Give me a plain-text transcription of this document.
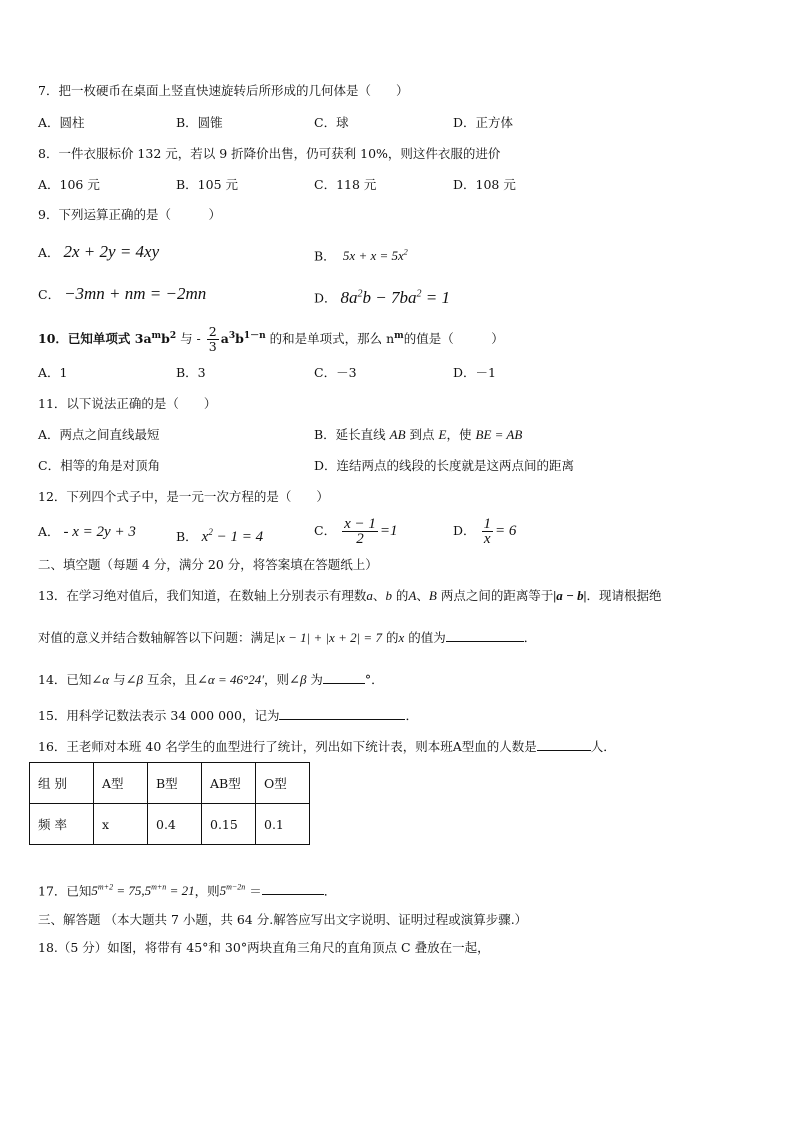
7．把一枚硬币在桌面上竖直快速旋转后所形成的几何体是（　　）
A．圆柱	B．圆锥	C．球	D．正方体
8．一件衣服标价 132 元，若以 9 折降价出售，仍可获利 10%，则这件衣服的进价
A．106 元	B．105 元	C．118 元	D．108 元
9．下列运算正确的是（　　　）
A． 2x + 2y = 4xy	B．  $5x + x = 5x^2$
C． −3mn + nm = −2mn	D． $8a^2b - 7ba^2 = 1$
10．已知单项式 $3a^mb^2$ 与 - $\frac{2}{3} a^3b^{1-n}$ 的和是单项式，那么 $n^m$的值是（　　　）
A．1	B．3	C．－3	D．－1
11．以下说法正确的是（　　）
A．两点之间直线最短	B．延长直线 AB 到点 E，使 BE = AB
C．相等的角是对顶角	D．连结两点的线段的长度就是这两点间的距离
12．下列四个式子中，是一元一次方程的是（　　）
A． - x = 2y + 3	B． $x^2 - 1 = 4$	C． $\frac{x - 1}{2} =1$	D． $\frac{1}{x} = 6$
二、填空题（每题 4 分，满分 20 分，将答案填在答题纸上）
13．在学习绝对值后，我们知道，在数轴上分别表示有理数a、b 的A、B 两点之间的距离等于|a − b|．现请根据绝
对值的意义并结合数轴解答以下问题：满足|x − 1| + |x + 2| = 7 的x 的值为	．
14．已知∠α 与∠β 互余，且∠α = 46°24′，则∠β 为	°．
15．用科学记数法表示 34 000 000，记为	．
16．王老师对本班 40 名学生的血型进行了统计，列出如下统计表，则本班A型血的人数是	人．
组 别	A型	B型	AB型	O型
频 率	x	0.4	0.15	0.1
17．已知$5^{m+2} = 75,5^{m+n} = 21$，则$5^{m-2n}$ ＝	．
三、解答题 （本大题共 7 小题，共 64 分.解答应写出文字说明、证明过程或演算步骤.）
18.（5 分）如图，将带有 45°和 30°两块直角三角尺的直角顶点 C 叠放在一起，
